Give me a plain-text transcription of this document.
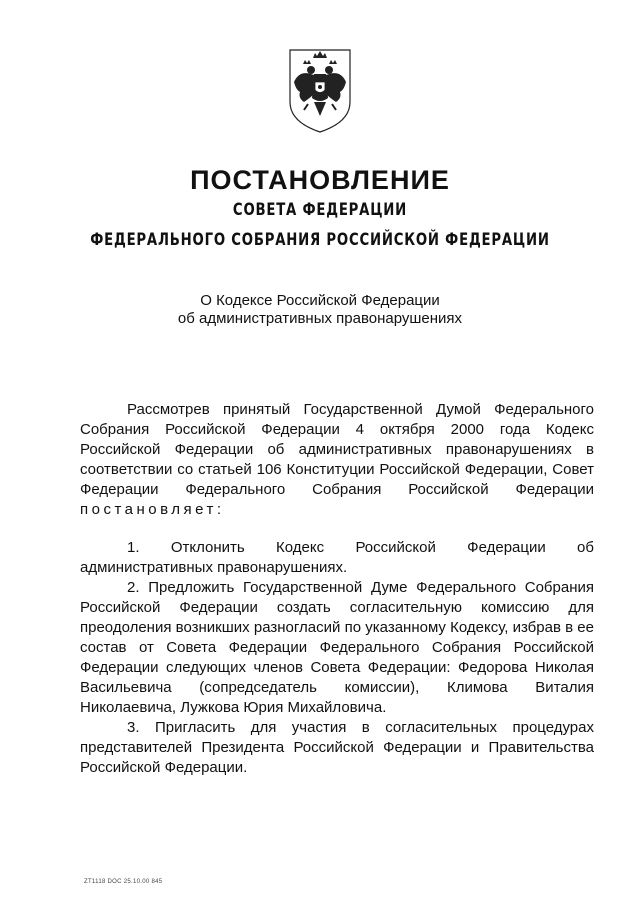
ПОСТАНОВЛЕНИЕ
СОВЕТА ФЕДЕРАЦИИ
ФЕДЕРАЛЬНОГО СОБРАНИЯ РОССИЙСКОЙ ФЕДЕРАЦИИ
О Кодексе Российской Федерации
об административных правонарушениях

Рассмотрев принятый Государственной Думой Федерального Собрания Российской Федерации 4 октября 2000 года Кодекс Российской Федерации об административных правонарушениях в соответствии со статьей 106 Конституции Российской Федерации, Совет Федерации Федерального Собрания Российской Федерации постановляет:

1. Отклонить Кодекс Российской Федерации об административных правонарушениях.

2. Предложить Государственной Думе Федерального Собрания Российской Федерации создать согласительную комиссию для преодоления возникших разногласий по указанному Кодексу, избрав в ее состав от Совета Федерации Федерального Собрания Российской Федерации следующих членов Совета Федерации: Федорова Николая Васильевича (сопредседатель комиссии), Климова Виталия Николаевича, Лужкова Юрия Михайловича.

3. Пригласить для участия в согласительных процедурах представителей Президента Российской Федерации и Правительства Российской Федерации.

ZT1118 DOC 25.10.00 845
